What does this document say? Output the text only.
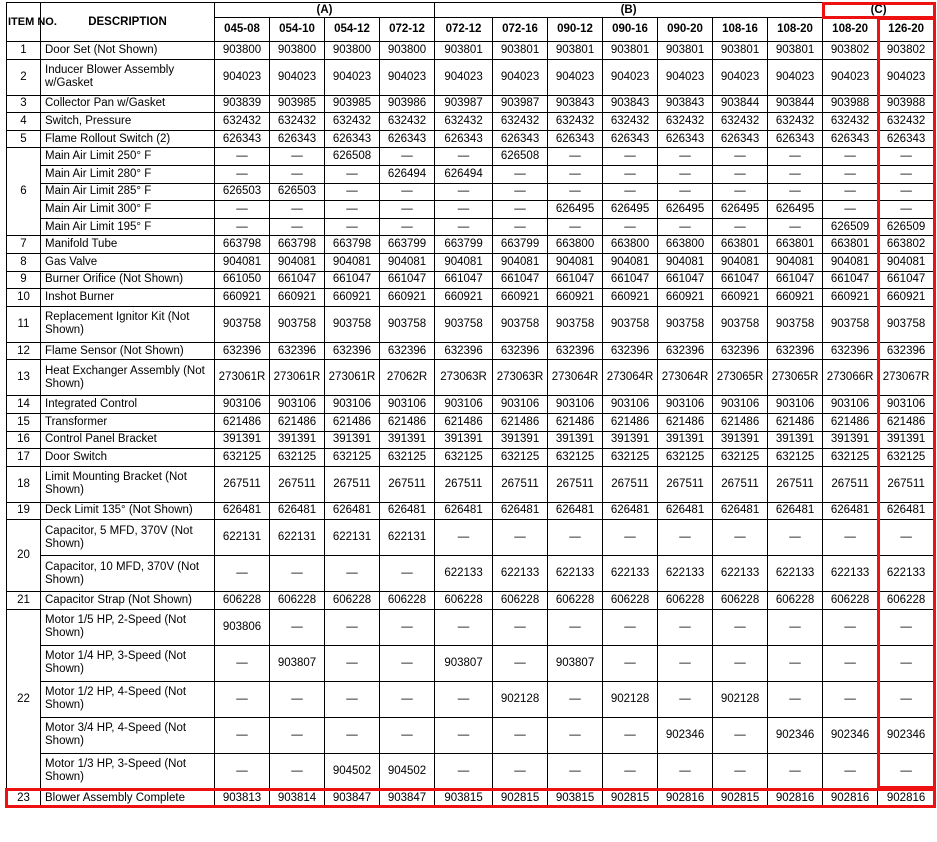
ITEM NO.	DESCRIPTION	(A)				(B)							(C)	
		045-08	054-10	054-12	072-12	072-12	072-16	090-12	090-16	090-20	108-16	108-20	108-20	126-20
1	Door Set (Not Shown)	903800	903800	903800	903800	903801	903801	903801	903801	903801	903801	903801	903802	903802
2	Inducer Blower Assembly w/Gasket	904023	904023	904023	904023	904023	904023	904023	904023	904023	904023	904023	904023	904023
3	Collector Pan w/Gasket	903839	903985	903985	903986	903987	903987	903843	903843	903843	903844	903844	903988	903988
4	Switch, Pressure	632432	632432	632432	632432	632432	632432	632432	632432	632432	632432	632432	632432	632432
5	Flame Rollout Switch (2)	626343	626343	626343	626343	626343	626343	626343	626343	626343	626343	626343	626343	626343
6	Main Air Limit 250° F	—	—	626508	—	—	626508	—	—	—	—	—	—	—
	Main Air Limit 280° F	—	—	—	626494	626494	—	—	—	—	—	—	—	—
	Main Air Limit 285° F	626503	626503	—	—	—	—	—	—	—	—	—	—	—
	Main Air Limit 300° F	—	—	—	—	—	—	626495	626495	626495	626495	626495	—	—
	Main Air Limit 195° F	—	—	—	—	—	—	—	—	—	—	—	626509	626509
7	Manifold Tube	663798	663798	663798	663799	663799	663799	663800	663800	663800	663801	663801	663801	663802
8	Gas Valve	904081	904081	904081	904081	904081	904081	904081	904081	904081	904081	904081	904081	904081
9	Burner Orifice (Not Shown)	661050	661047	661047	661047	661047	661047	661047	661047	661047	661047	661047	661047	661047
10	Inshot Burner	660921	660921	660921	660921	660921	660921	660921	660921	660921	660921	660921	660921	660921
11	Replacement Ignitor Kit (Not Shown)	903758	903758	903758	903758	903758	903758	903758	903758	903758	903758	903758	903758	903758
12	Flame Sensor (Not Shown)	632396	632396	632396	632396	632396	632396	632396	632396	632396	632396	632396	632396	632396
13	Heat Exchanger Assembly (Not Shown)	273061R	273061R	273061R	27062R	273063R	273063R	273064R	273064R	273064R	273065R	273065R	273066R	273067R
14	Integrated Control	903106	903106	903106	903106	903106	903106	903106	903106	903106	903106	903106	903106	903106
15	Transformer	621486	621486	621486	621486	621486	621486	621486	621486	621486	621486	621486	621486	621486
16	Control Panel Bracket	391391	391391	391391	391391	391391	391391	391391	391391	391391	391391	391391	391391	391391
17	Door Switch	632125	632125	632125	632125	632125	632125	632125	632125	632125	632125	632125	632125	632125
18	Limit Mounting Bracket (Not Shown)	267511	267511	267511	267511	267511	267511	267511	267511	267511	267511	267511	267511	267511
19	Deck Limit 135° (Not Shown)	626481	626481	626481	626481	626481	626481	626481	626481	626481	626481	626481	626481	626481
20	Capacitor, 5 MFD, 370V (Not Shown)	622131	622131	622131	622131	—	—	—	—	—	—	—	—	—
	Capacitor, 10 MFD, 370V (Not Shown)	—	—	—	—	622133	622133	622133	622133	622133	622133	622133	622133	622133
21	Capacitor Strap (Not Shown)	606228	606228	606228	606228	606228	606228	606228	606228	606228	606228	606228	606228	606228
22	Motor 1/5 HP, 2-Speed (Not Shown)	903806	—	—	—	—	—	—	—	—	—	—	—	—
	Motor 1/4 HP, 3-Speed (Not Shown)	—	903807	—	—	903807	—	903807	—	—	—	—	—	—
	Motor 1/2 HP, 4-Speed (Not Shown)	—	—	—	—	—	902128	—	902128	—	902128	—	—	—
	Motor 3/4 HP, 4-Speed (Not Shown)	—	—	—	—	—	—	—	—	902346	—	902346	902346	902346
	Motor 1/3 HP, 3-Speed (Not Shown)	—	—	904502	904502	—	—	—	—	—	—	—	—	—
23	Blower Assembly Complete	903813	903814	903847	903847	903815	902815	903815	902815	902816	902815	902816	902816	902816
